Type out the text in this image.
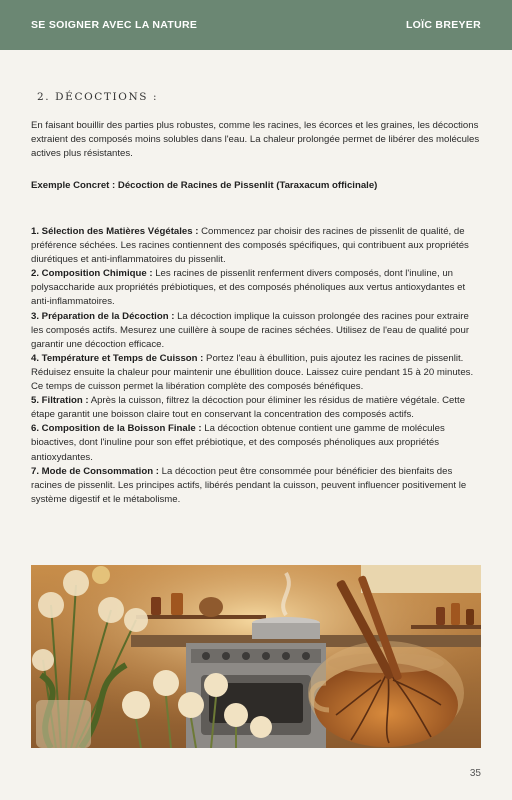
SE SOIGNER AVEC LA NATURE	LOÏC BREYER
2. DÉCOCTIONS :
En faisant bouillir des parties plus robustes, comme les racines, les écorces et les graines, les décoctions extraient des composés moins solubles dans l'eau. La chaleur prolongée permet de libérer des molécules actives plus résistantes.
Exemple Concret : Décoction de Racines de Pissenlit (Taraxacum officinale)

1. Sélection des Matières Végétales : Commencez par choisir des racines de pissenlit de qualité, de préférence séchées. Les racines contiennent des composés spécifiques, qui contribuent aux propriétés diurétiques et anti-inflammatoires du pissenlit.

2. Composition Chimique : Les racines de pissenlit renferment divers composés, dont l'inuline, un polysaccharide aux propriétés prébiotiques, et des composés phénoliques aux vertus antioxydantes et anti-inflammatoires.

3. Préparation de la Décoction : La décoction implique la cuisson prolongée des racines pour extraire les composés actifs. Mesurez une cuillère à soupe de racines séchées. Utilisez de l'eau de qualité pour garantir une décoction efficace.

4. Température et Temps de Cuisson : Portez l'eau à ébullition, puis ajoutez les racines de pissenlit. Réduisez ensuite la chaleur pour maintenir une ébullition douce. Laissez cuire pendant 15 à 20 minutes. Ce temps de cuisson permet la libération complète des composés bénéfiques.

5. Filtration : Après la cuisson, filtrez la décoction pour éliminer les résidus de matière végétale. Cette étape garantit une boisson claire tout en conservant la concentration des composés actifs.

6. Composition de la Boisson Finale : La décoction obtenue contient une gamme de molécules bioactives, dont l'inuline pour son effet prébiotique, et des composés phénoliques aux propriétés antioxydantes.

7. Mode de Consommation : La décoction peut être consommée pour bénéficier des bienfaits des racines de pissenlit. Les principes actifs, libérés pendant la cuisson, peuvent influencer positivement le système digestif et le métabolisme.

35
